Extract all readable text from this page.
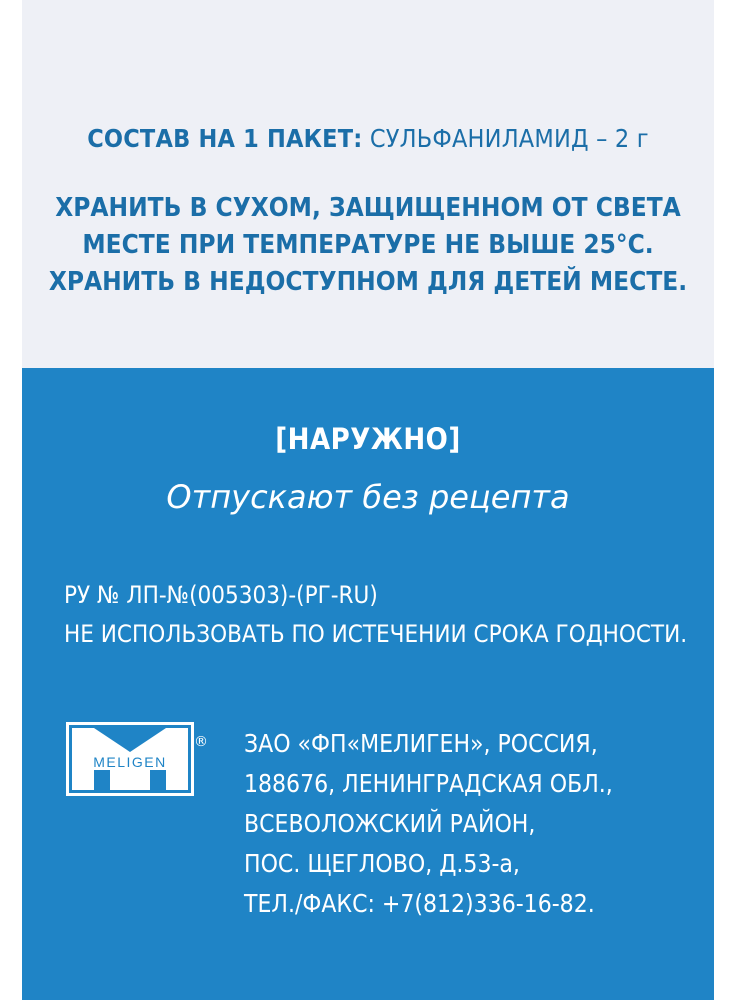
СОСТАВ НА 1 ПАКЕТ: СУЛЬФАНИЛАМИД – 2 г
ХРАНИТЬ В СУХОМ, ЗАЩИЩЕННОМ ОТ СВЕТА
МЕСТЕ ПРИ ТЕМПЕРАТУРЕ НЕ ВЫШЕ 25°С.
ХРАНИТЬ В НЕДОСТУПНОМ ДЛЯ ДЕТЕЙ МЕСТЕ.
[НАРУЖНО]
Отпускают без рецепта
РУ № ЛП-№(005303)-(РГ-RU)
НЕ ИСПОЛЬЗОВАТЬ ПО ИСТЕЧЕНИИ СРОКА ГОДНОСТИ.
MELIGEN
® ЗАО «ФП«МЕЛИГЕН», РОССИЯ,
188676, ЛЕНИНГРАДСКАЯ ОБЛ.,
ВСЕВОЛОЖСКИЙ РАЙОН,
ПОС. ЩЕГЛОВО, Д.53-а,
ТЕЛ./ФАКС: +7(812)336-16-82.
